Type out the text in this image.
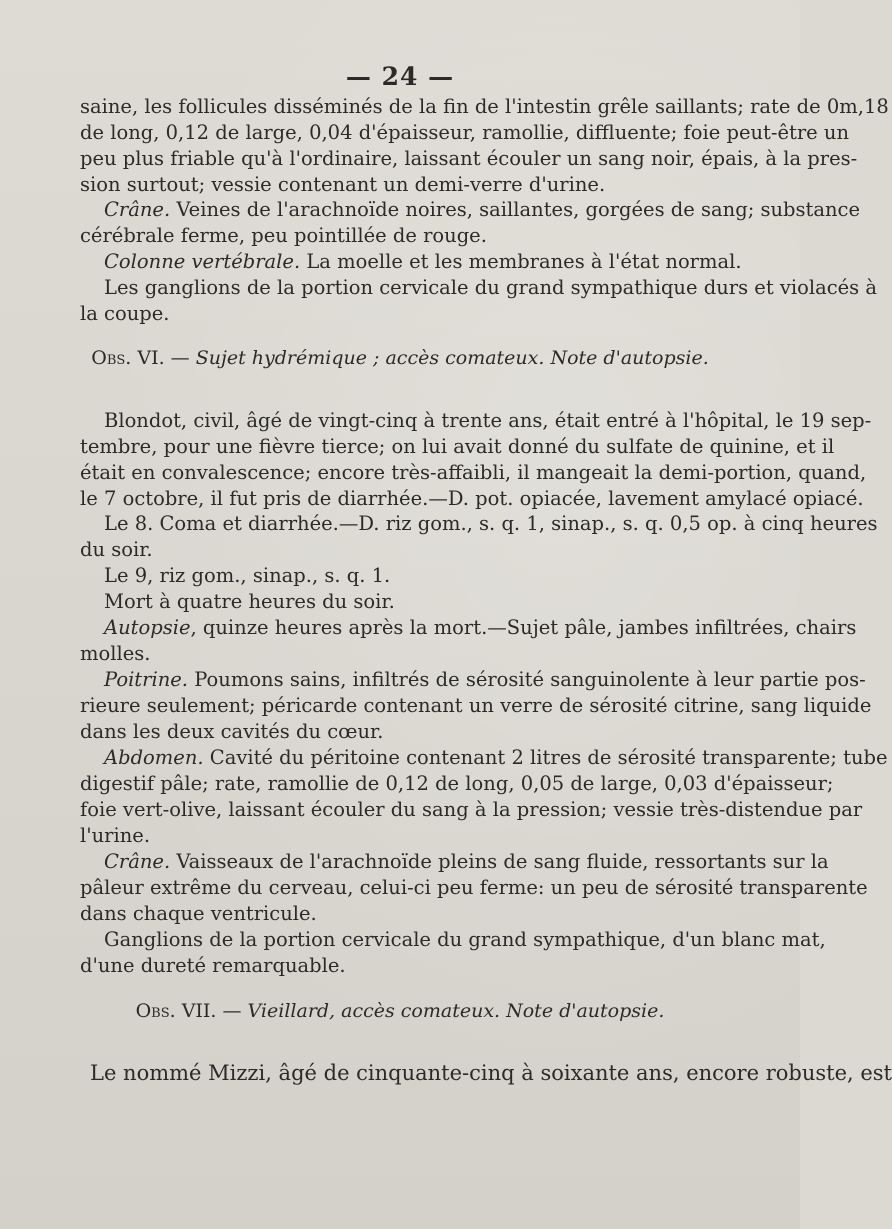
— 24 —
saine, les follicules disséminés de la fin de l'intestin grêle saillants; rate de 0m,18
de long, 0,12 de large, 0,04 d'épaisseur, ramollie, diffluente; foie peut-être un
peu plus friable qu'à l'ordinaire, laissant écouler un sang noir, épais, à la pres-
sion surtout; vessie contenant un demi-verre d'urine.
Crâne. Veines de l'arachnoïde noires, saillantes, gorgées de sang; substance
cérébrale ferme, peu pointillée de rouge.
Colonne vertébrale. La moelle et les membranes à l'état normal.
Les ganglions de la portion cervicale du grand sympathique durs et violacés à
la coupe.
Obs. VI. — Sujet hydrémique ; accès comateux. Note d'autopsie.
Blondot, civil, âgé de vingt-cinq à trente ans, était entré à l'hôpital, le 19 sep-
tembre, pour une fièvre tierce; on lui avait donné du sulfate de quinine, et il
était en convalescence; encore très-affaibli, il mangeait la demi-portion, quand,
le 7 octobre, il fut pris de diarrhée.—D. pot. opiacée, lavement amylacé opiacé.
Le 8. Coma et diarrhée.—D. riz gom., s. q. 1, sinap., s. q. 0,5 op. à cinq heures
du soir.
Le 9, riz gom., sinap., s. q. 1.
Mort à quatre heures du soir.
Autopsie, quinze heures après la mort.—Sujet pâle, jambes infiltrées, chairs
molles.
Poitrine. Poumons sains, infiltrés de sérosité sanguinolente à leur partie pos-
rieure seulement; péricarde contenant un verre de sérosité citrine, sang liquide
dans les deux cavités du cœur.
Abdomen. Cavité du péritoine contenant 2 litres de sérosité transparente; tube
digestif pâle; rate, ramollie de 0,12 de long, 0,05 de large, 0,03 d'épaisseur;
foie vert-olive, laissant écouler du sang à la pression; vessie très-distendue par
l'urine.
Crâne. Vaisseaux de l'arachnoïde pleins de sang fluide, ressortants sur la
pâleur extrême du cerveau, celui-ci peu ferme: un peu de sérosité transparente
dans chaque ventricule.
Ganglions de la portion cervicale du grand sympathique, d'un blanc mat,
d'une dureté remarquable.
Obs. VII. — Vieillard, accès comateux. Note d'autopsie.
Le nommé Mizzi, âgé de cinquante-cinq à soixante ans, encore robuste, est
